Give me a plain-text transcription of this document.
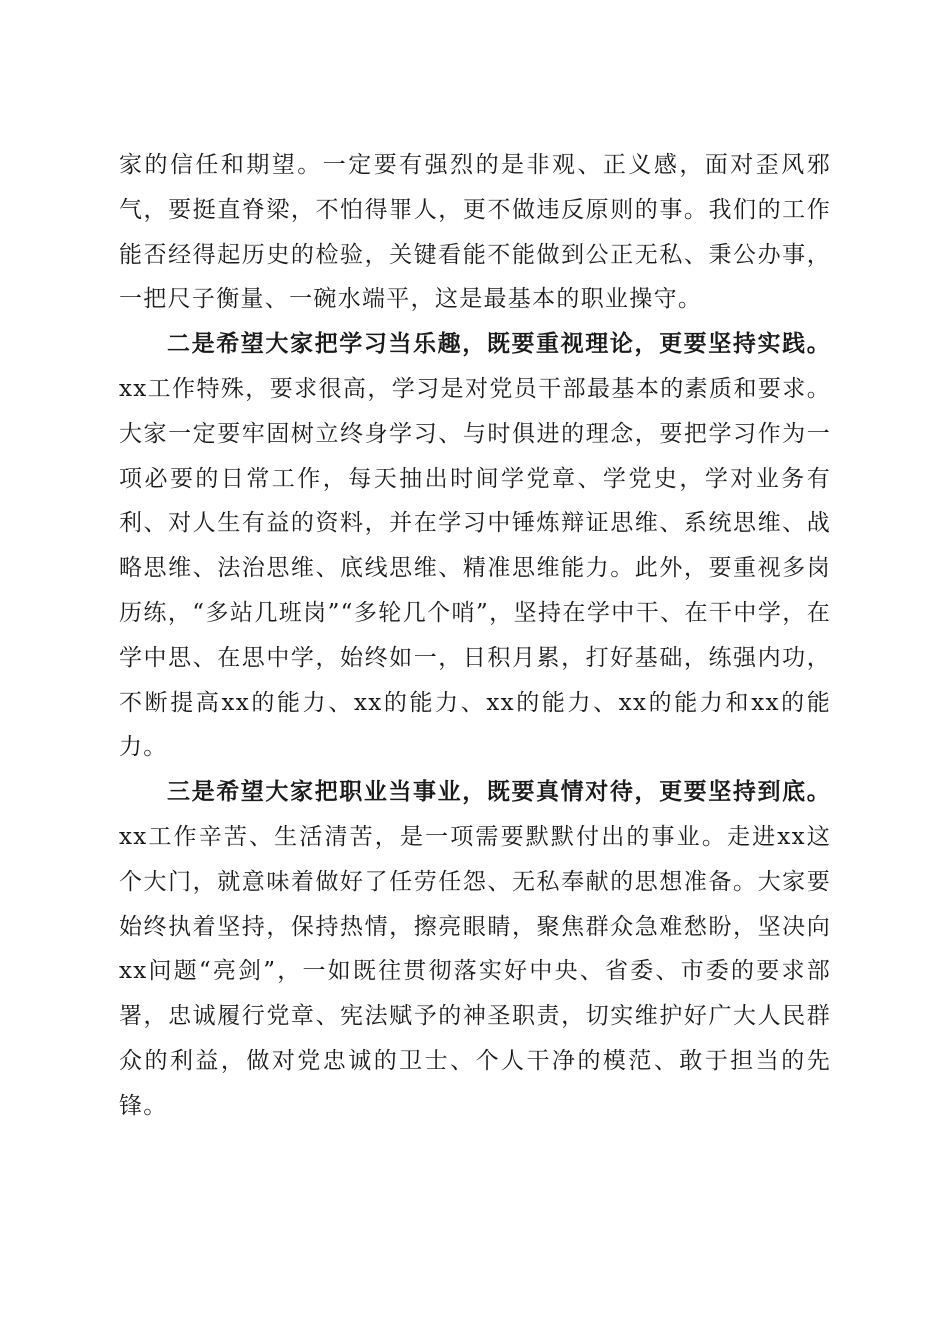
家的信任和期望。一定要有强烈的是非观、正义感，面对歪风邪气，要挺直脊梁，不怕得罪人，更不做违反原则的事。我们的工作能否经得起历史的检验，关键看能不能做到公正无私、秉公办事，一把尺子衡量、一碗水端平，这是最基本的职业操守。

二是希望大家把学习当乐趣，既要重视理论，更要坚持实践。xx工作特殊，要求很高，学习是对党员干部最基本的素质和要求。大家一定要牢固树立终身学习、与时俱进的理念，要把学习作为一项必要的日常工作，每天抽出时间学党章、学党史，学对业务有利、对人生有益的资料，并在学习中锤炼辩证思维、系统思维、战略思维、法治思维、底线思维、精准思维能力。此外，要重视多岗历练，“多站几班岗”“多轮几个哨”，坚持在学中干、在干中学，在学中思、在思中学，始终如一，日积月累，打好基础，练强内功，不断提高xx的能力、xx的能力、xx的能力、xx的能力和xx的能力。

三是希望大家把职业当事业，既要真情对待，更要坚持到底。xx工作辛苦、生活清苦，是一项需要默默付出的事业。走进xx这个大门，就意味着做好了任劳任怨、无私奉献的思想准备。大家要始终执着坚持，保持热情，擦亮眼睛，聚焦群众急难愁盼，坚决向xx问题“亮剑”，一如既往贯彻落实好中央、省委、市委的要求部署，忠诚履行党章、宪法赋予的神圣职责，切实维护好广大人民群众的利益，做对党忠诚的卫士、个人干净的模范、敢于担当的先锋。
